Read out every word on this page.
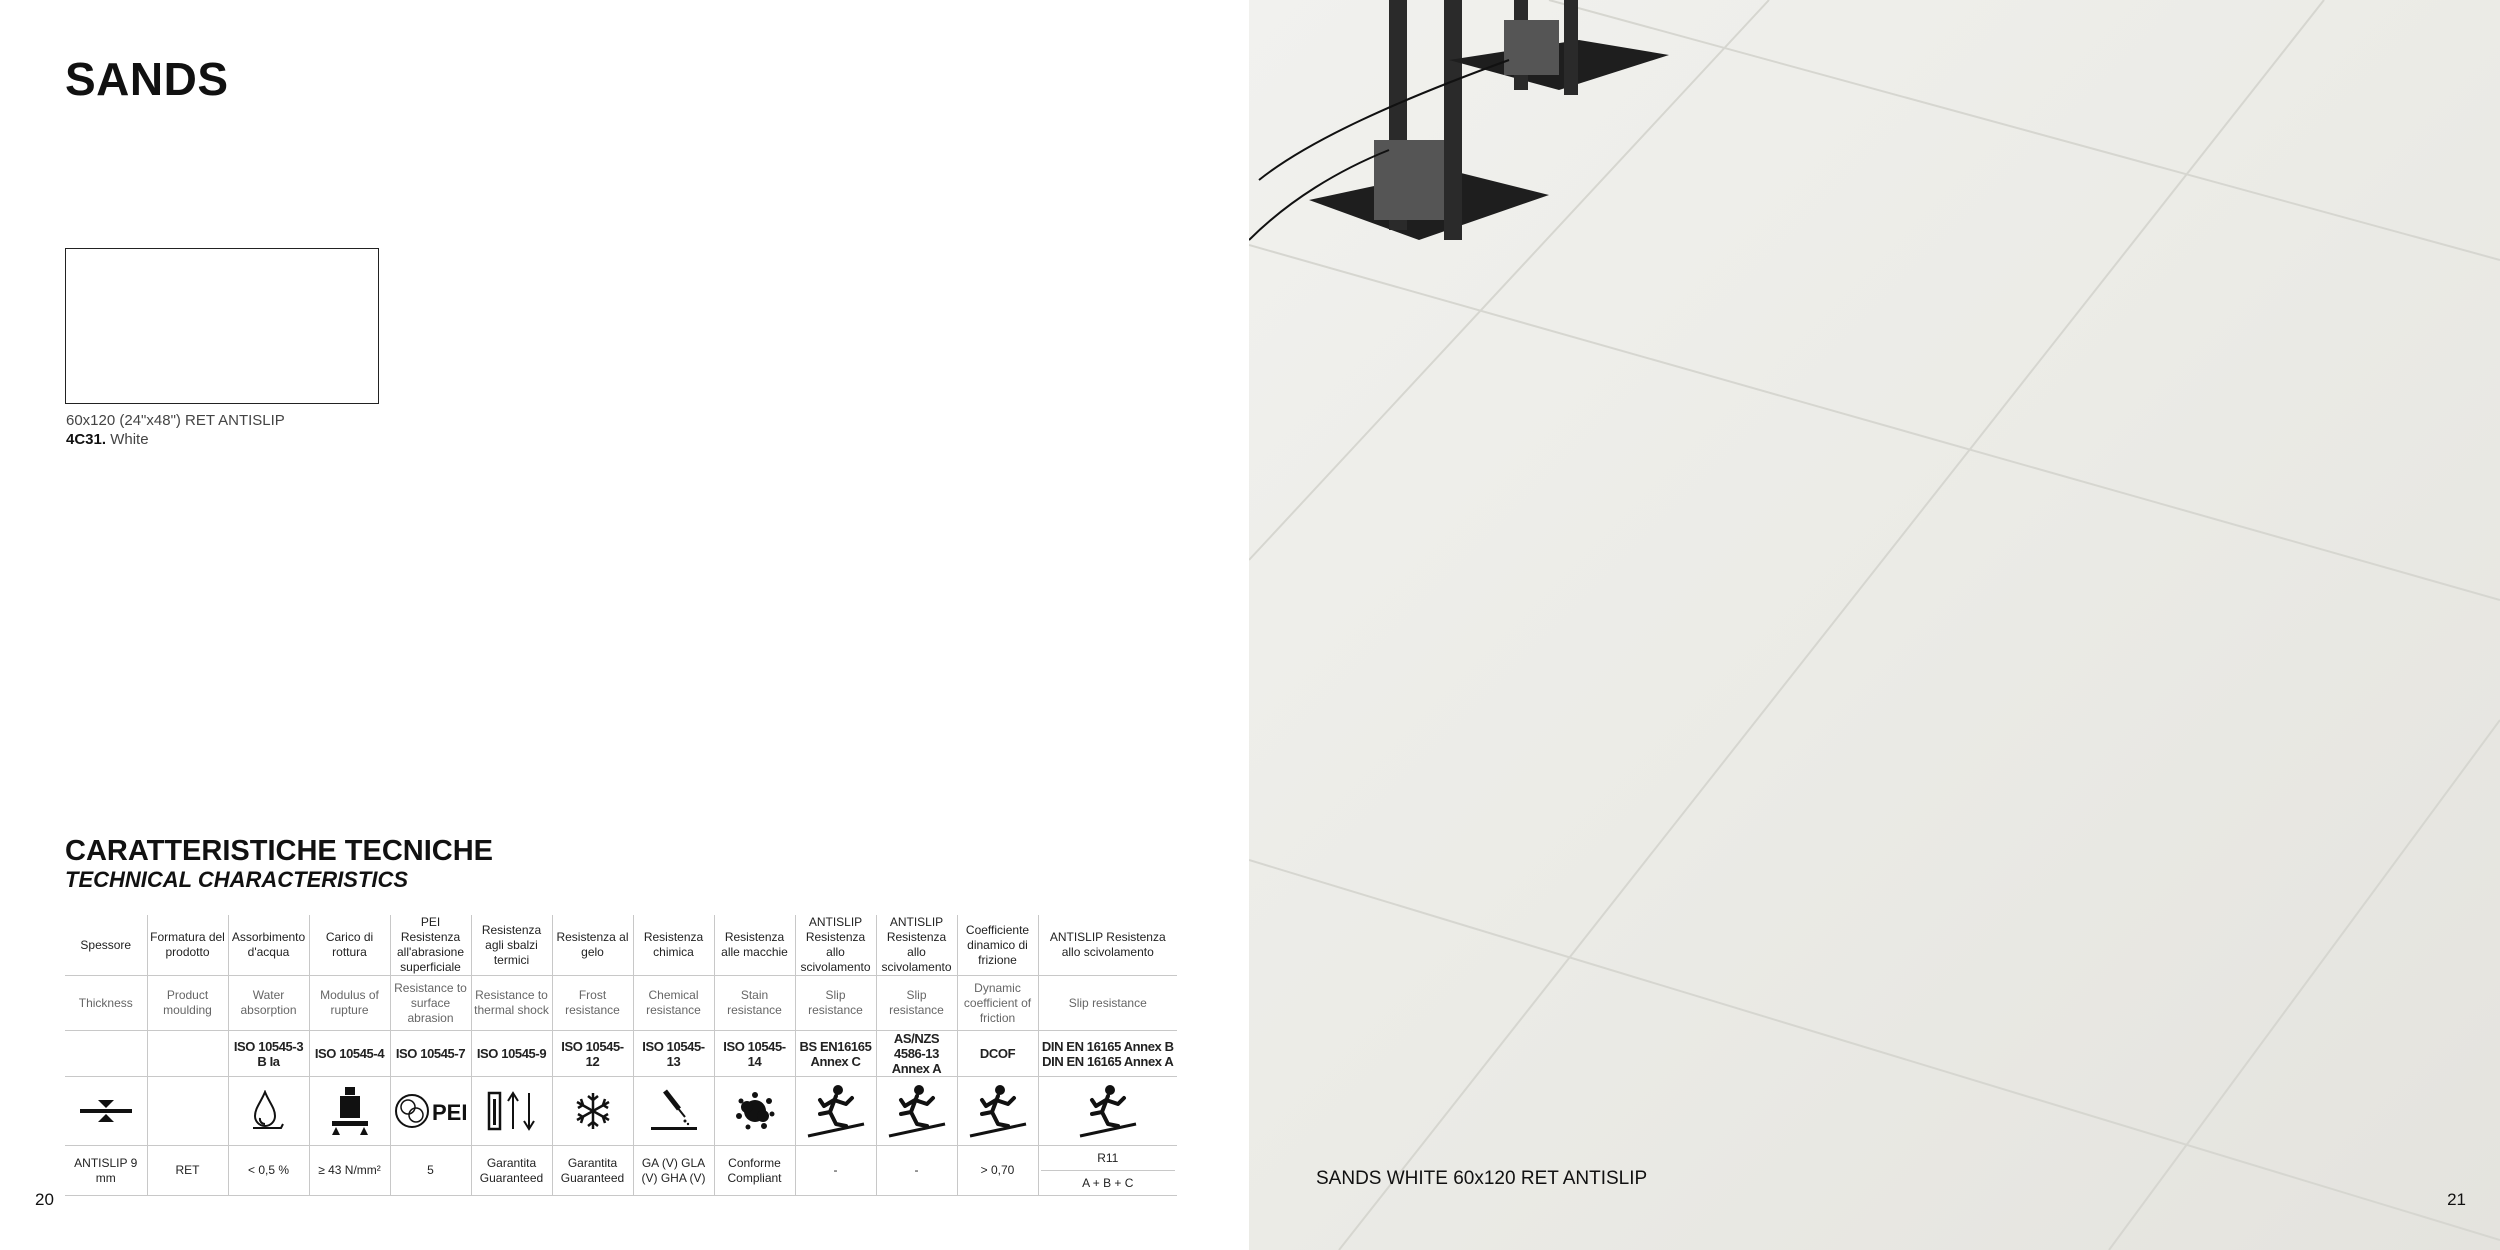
SANDS
60x120 (24"x48") RET ANTISLIP
4C31. White
CARATTERISTICHE TECNICHE
TECHNICAL CHARACTERISTICS
Spessore	Formatura del prodotto	Assorbimento d'acqua	Carico di rottura	PEI Resistenza all'abrasione superficiale	Resistenza agli sbalzi termici	Resistenza al gelo	Resistenza chimica	Resistenza alle macchie	ANTISLIP Resistenza allo scivolamento	ANTISLIP Resistenza allo scivolamento	Coefficiente dinamico di frizione	ANTISLIP Resistenza allo scivolamento
Thickness	Product moulding	Water absorption	Modulus of rupture	Resistance to surface abrasion	Resistance to thermal shock	Frost resistance	Chemical resistance	Stain resistance	Slip resistance	Slip resistance	Dynamic coefficient of friction	Slip resistance
		ISO 10545-3 B Ia	ISO 10545-4	ISO 10545-7	ISO 10545-9	ISO 10545-12	ISO 10545-13	ISO 10545-14	BS EN16165 Annex C	AS/NZS 4586-13 Annex A	DCOF	DIN EN 16165 Annex B
DIN EN 16165 Annex A

PEI

ANTISLIP 9 mm	RET	< 0,5 %	≥ 43 N/mm²	5	Garantita Guaranteed	Garantita Guaranteed	GA (V) GLA (V) GHA (V)	Conforme Compliant	-	-	> 0,70	R11
A + B + C
20
SANDS WHITE 60x120 RET ANTISLIP
21
